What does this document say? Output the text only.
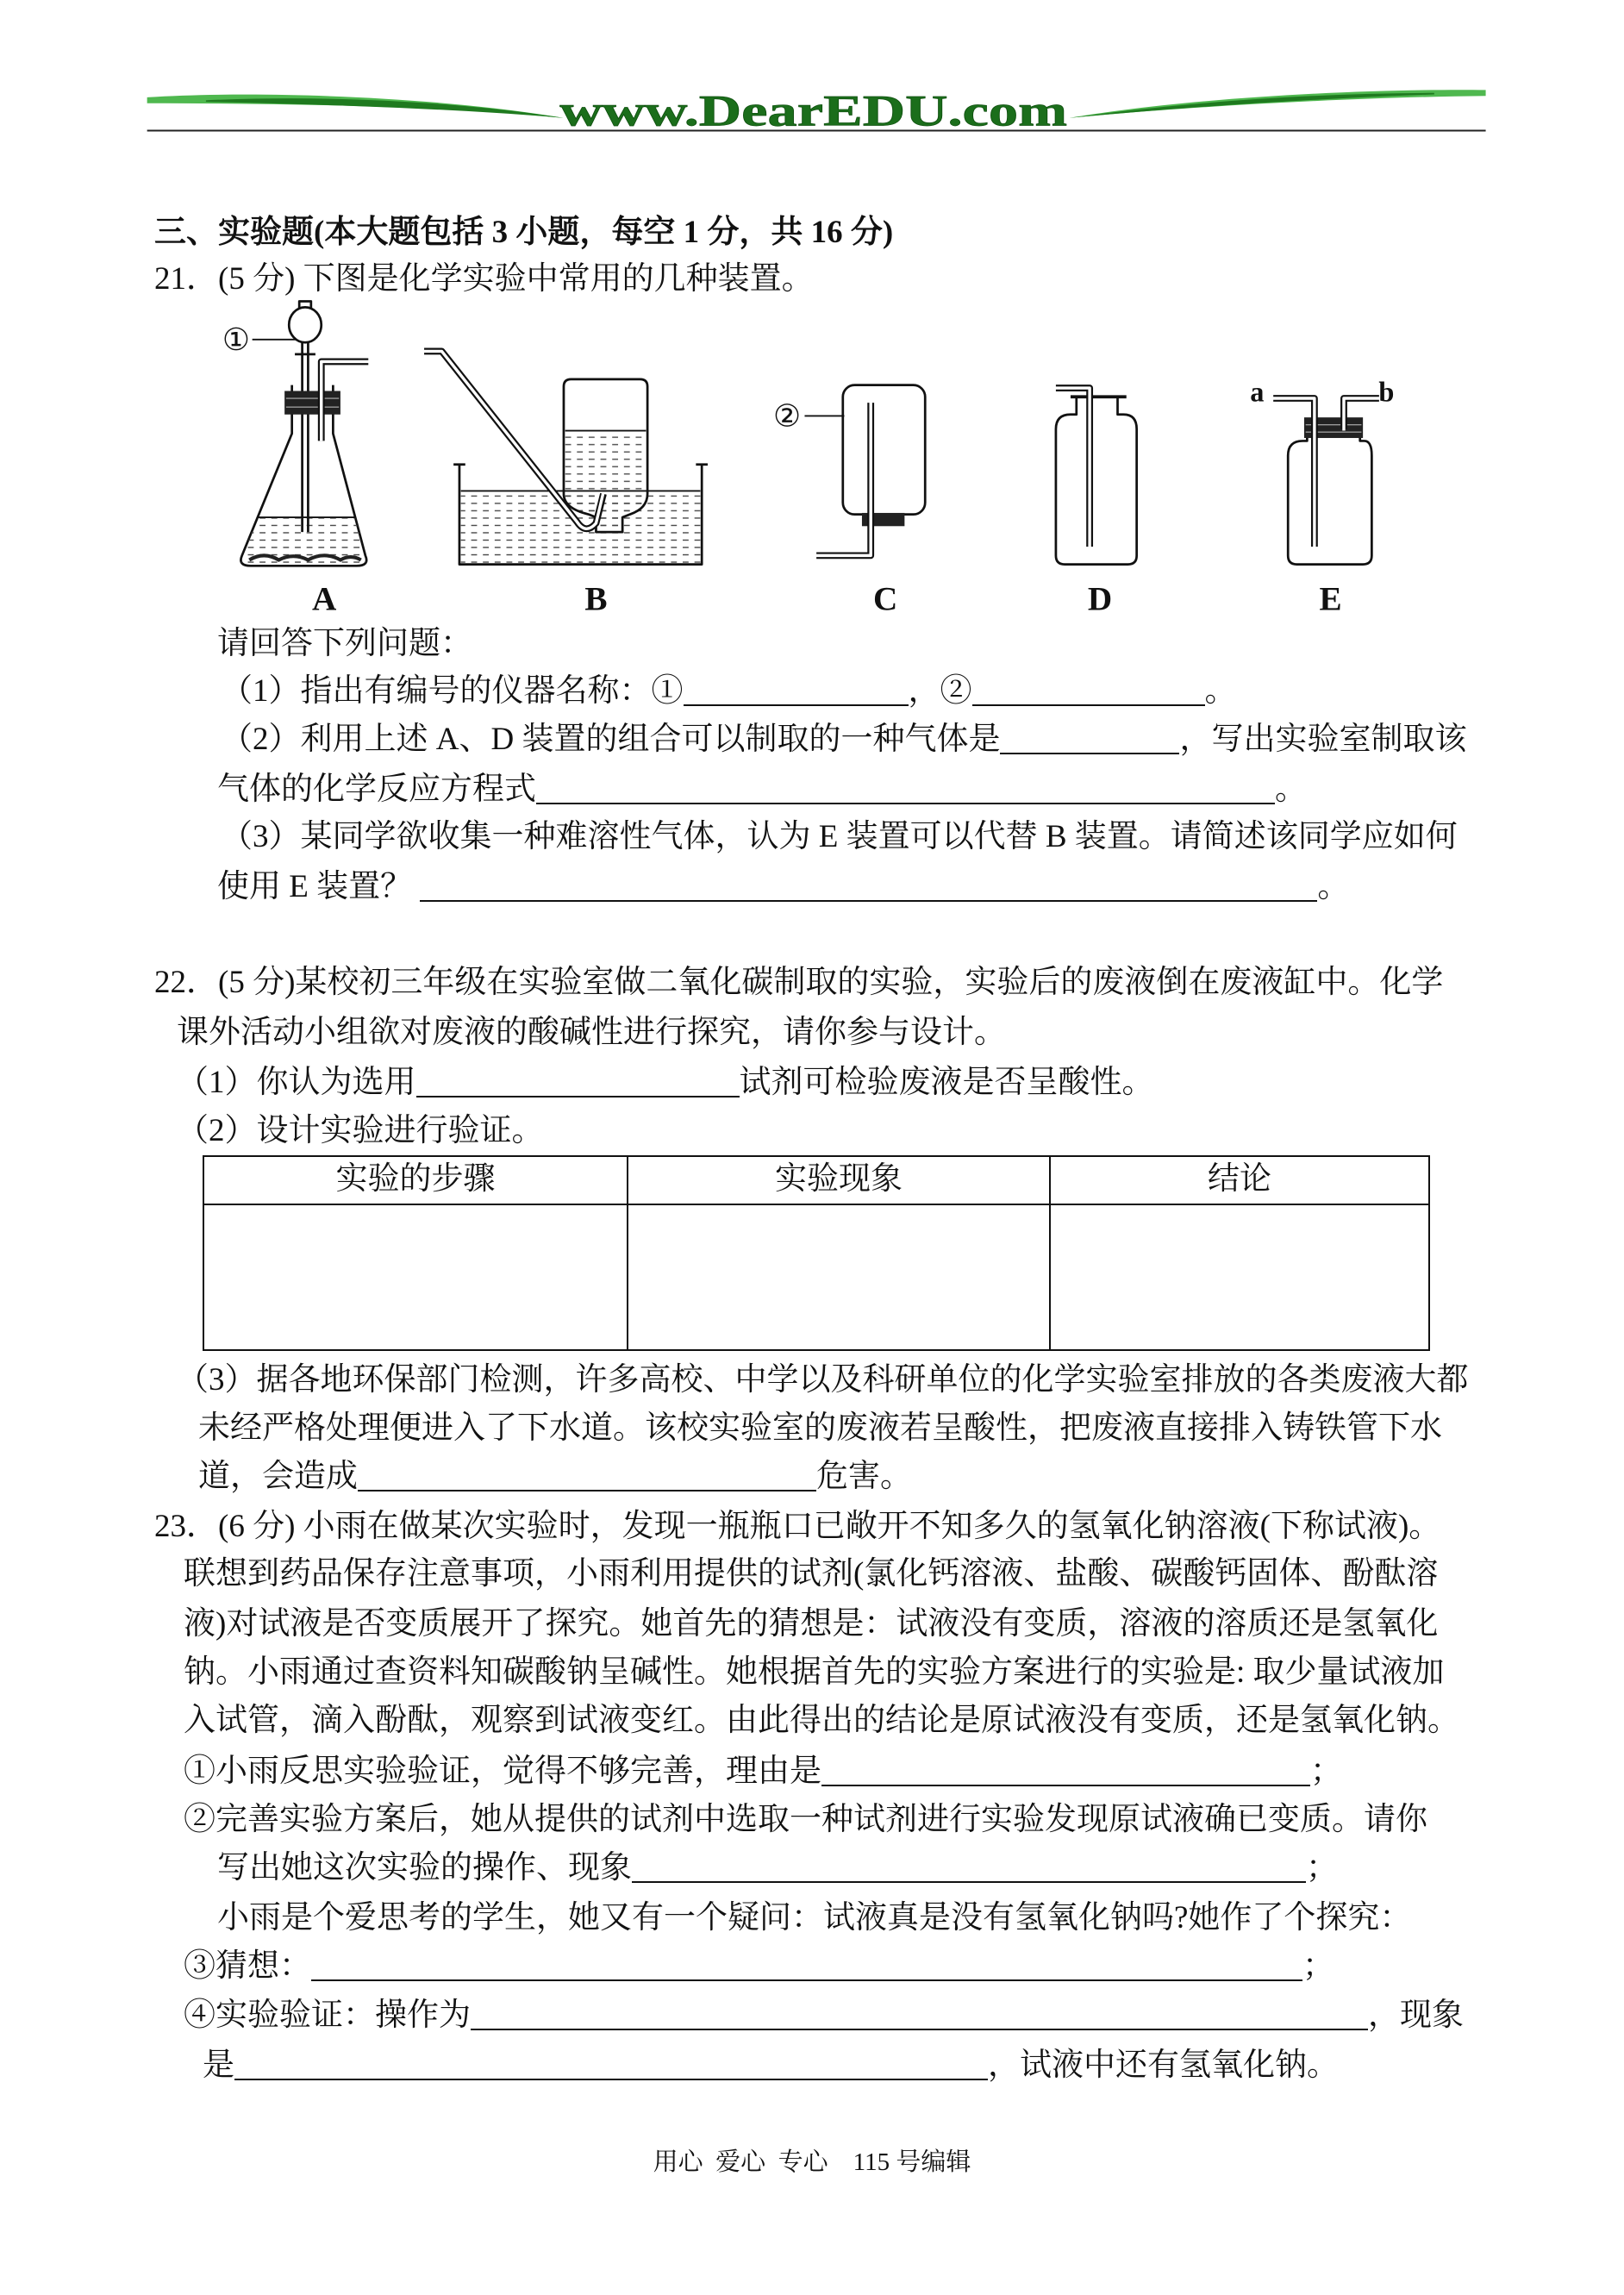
www.DearEDU.com
三、实验题(本大题包括 3 小题，每空 1 分，共 16 分)
21．(5 分) 下图是化学实验中常用的几种装置。
①
A	B
②
C	D
a	b
E
请回答下列问题：
（1）指出有编号的仪器名称：①	，②	。
（2）利用上述 A、D 装置的组合可以制取的一种气体是	，写出实验室制取该
气体的化学反应方程式	。
（3）某同学欲收集一种难溶性气体，认为 E 装置可以代替 B 装置。请简述该同学应如何
使用 E 装置？	。
22．(5 分)某校初三年级在实验室做二氧化碳制取的实验，实验后的废液倒在废液缸中。化学
课外活动小组欲对废液的酸碱性进行探究，请你参与设计。
（1）你认为选用	试剂可检验废液是否呈酸性。
（2）设计实验进行验证。
实验的步骤	实验现象	结论
（3）据各地环保部门检测，许多高校、中学以及科研单位的化学实验室排放的各类废液大都
未经严格处理便进入了下水道。该校实验室的废液若呈酸性，把废液直接排入铸铁管下水
道，会造成	危害。
23．(6 分) 小雨在做某次实验时，发现一瓶瓶口已敞开不知多久的氢氧化钠溶液(下称试液)。
联想到药品保存注意事项，小雨利用提供的试剂(氯化钙溶液、盐酸、碳酸钙固体、酚酞溶
液)对试液是否变质展开了探究。她首先的猜想是：试液没有变质，溶液的溶质还是氢氧化
钠。小雨通过查资料知碳酸钠呈碱性。她根据首先的实验方案进行的实验是: 取少量试液加
入试管，滴入酚酞，观察到试液变红。由此得出的结论是原试液没有变质，还是氢氧化钠。
①小雨反思实验验证，觉得不够完善，理由是	；
②完善实验方案后，她从提供的试剂中选取一种试剂进行实验发现原试液确已变质。请你
写出她这次实验的操作、现象	；
小雨是个爱思考的学生，她又有一个疑问：试液真是没有氢氧化钠吗?她作了个探究：
③猜想：	；
④实验验证：操作为	，现象
是	，试液中还有氢氧化钠。
用心  爱心  专心    115 号编辑
